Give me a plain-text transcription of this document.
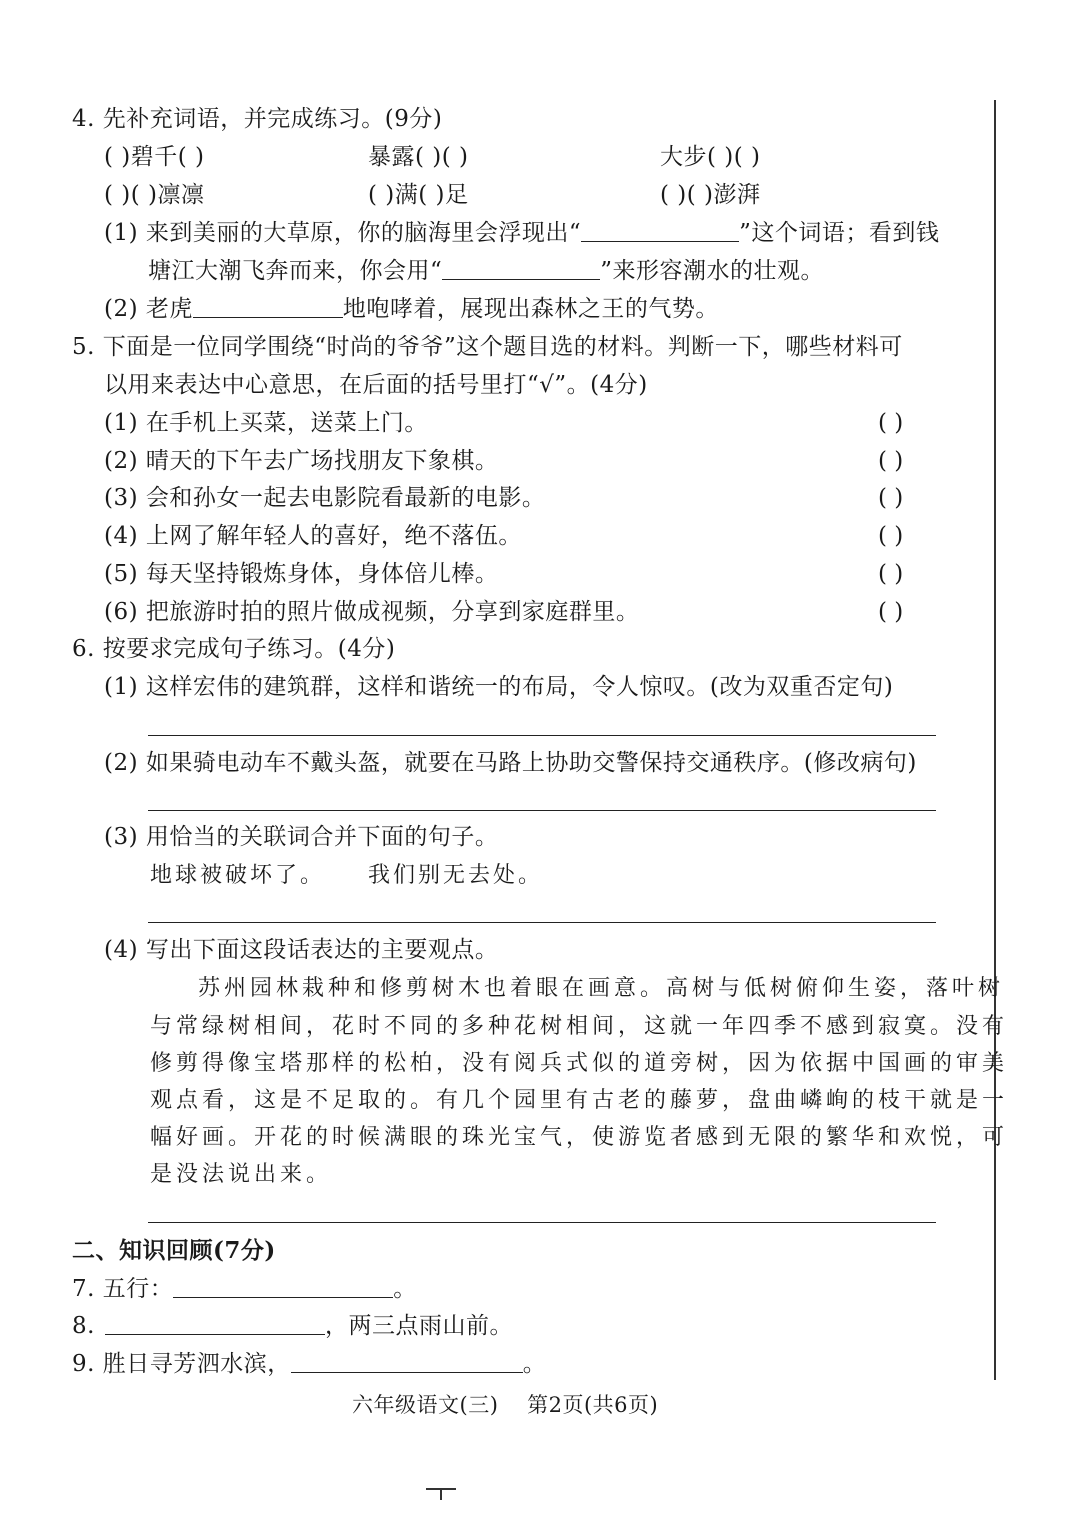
4. 先补充词语，并完成练习。(9分)
( )碧千( )	暴露( )( )	大步( )( )
( )( )凛凛	( )满( )足	( )( )澎湃
(1) 来到美丽的大草原，你的脑海里会浮现出“	”这个词语；看到钱
塘江大潮飞奔而来，你会用“	”来形容潮水的壮观。
(2) 老虎	地咆哮着，展现出森林之王的气势。
5. 下面是一位同学围绕“时尚的爷爷”这个题目选的材料。判断一下，哪些材料可
以用来表达中心意思，在后面的括号里打“√”。(4分)
(1) 在手机上买菜，送菜上门。	( )
(2) 晴天的下午去广场找朋友下象棋。	( )
(3) 会和孙女一起去电影院看最新的电影。	( )
(4) 上网了解年轻人的喜好，绝不落伍。	( )
(5) 每天坚持锻炼身体，身体倍儿棒。	( )
(6) 把旅游时拍的照片做成视频，分享到家庭群里。	( )
6. 按要求完成句子练习。(4分)
(1) 这样宏伟的建筑群，这样和谐统一的布局，令人惊叹。(改为双重否定句)
(2) 如果骑电动车不戴头盔，就要在马路上协助交警保持交通秩序。(修改病句)
(3) 用恰当的关联词合并下面的句子。
地球被破坏了。 我们别无去处。
(4) 写出下面这段话表达的主要观点。
苏州园林栽种和修剪树木也着眼在画意。高树与低树俯仰生姿，落叶树
与常绿树相间，花时不同的多种花树相间，这就一年四季不感到寂寞。没有
修剪得像宝塔那样的松柏，没有阅兵式似的道旁树，因为依据中国画的审美
观点看，这是不足取的。有几个园里有古老的藤萝，盘曲嶙峋的枝干就是一
幅好画。开花的时候满眼的珠光宝气，使游览者感到无限的繁华和欢悦，可
是没法说出来。
二、知识回顾(7分)
7. 五行：	。
8.	，两三点雨山前。
9. 胜日寻芳泗水滨，	。
六年级语文(三)    第2页(共6页)
